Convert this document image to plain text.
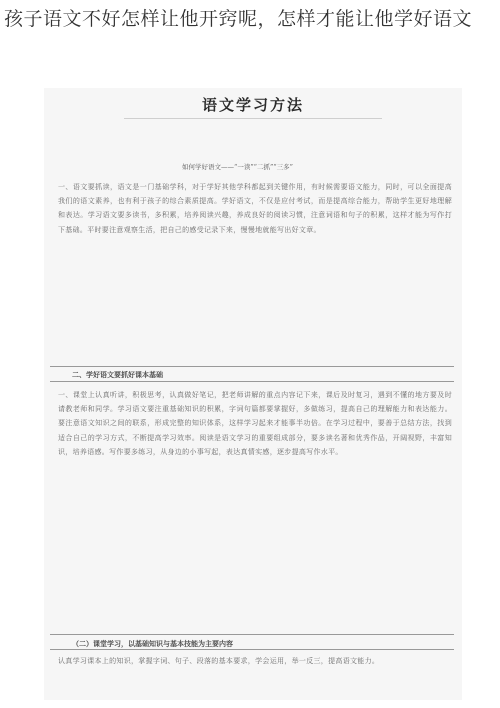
孩子语文不好怎样让他开窍呢，怎样才能让他学好语文
语文学习方法
如何学好语文——“一读”“二抓”“三多”
一、语文要抓读，语文是一门基础学科，对于学好其他学科都起到关键作用，有时候需要语文能力，同时，可以全面提高我们的语文素养，也有利于孩子的综合素质提高。学好语文，不仅是应付考试，而是提高综合能力，帮助学生更好地理解和表达。学习语文要多读书，多积累，培养阅读兴趣，养成良好的阅读习惯，注意词语和句子的积累，这样才能为写作打下基础。平时要注意观察生活，把自己的感受记录下来，慢慢地就能写出好文章。
二、学好语文要抓好课本基础
一、课堂上认真听讲，积极思考，认真做好笔记，把老师讲解的重点内容记下来，课后及时复习，遇到不懂的地方要及时请教老师和同学。学习语文要注重基础知识的积累，字词句篇都要掌握好，多做练习，提高自己的理解能力和表达能力。要注意语文知识之间的联系，形成完整的知识体系，这样学习起来才能事半功倍。在学习过程中，要善于总结方法，找到适合自己的学习方式，不断提高学习效率。阅读是语文学习的重要组成部分，要多读名著和优秀作品，开阔视野，丰富知识，培养语感。写作要多练习，从身边的小事写起，表达真情实感，逐步提高写作水平。
（二）课堂学习，以基础知识与基本技能为主要内容
认真学习课本上的知识，掌握字词、句子、段落的基本要求，学会运用，举一反三，提高语文能力。
